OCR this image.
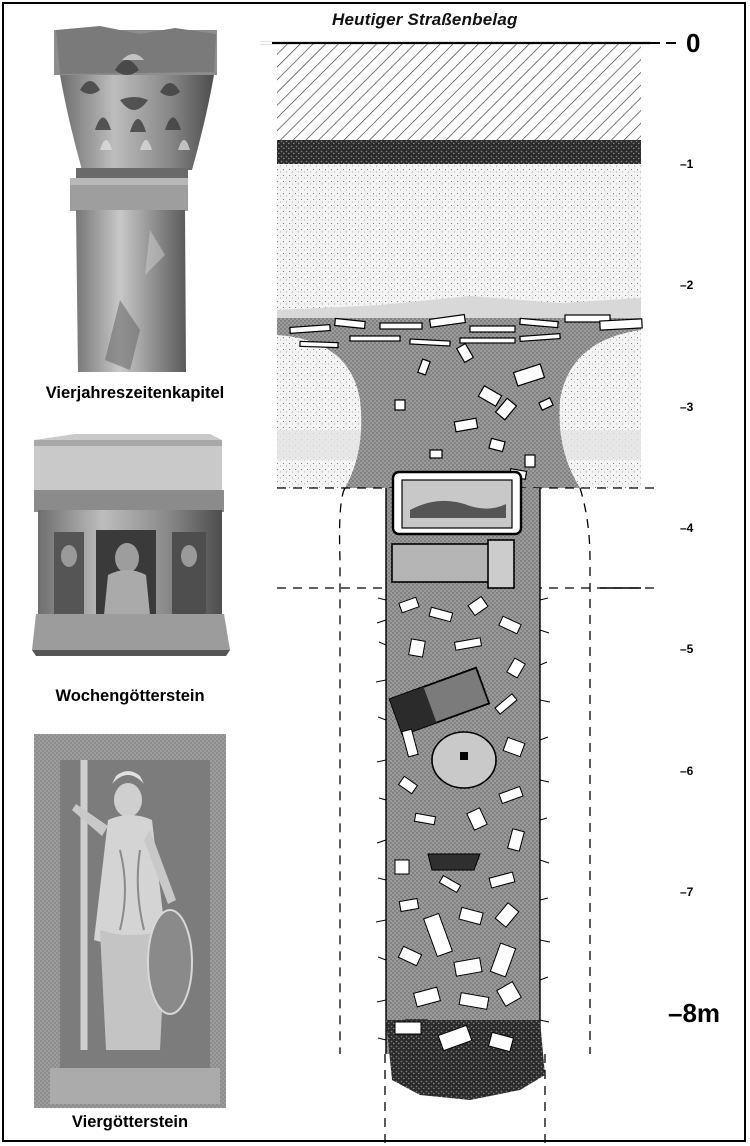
Heutiger Straßenbelag
Vierjahreszeitenkapitel
Wochengötterstein
Viergötterstein
0
–1
–2
–3
–4
–5
–6
–7
–8m
